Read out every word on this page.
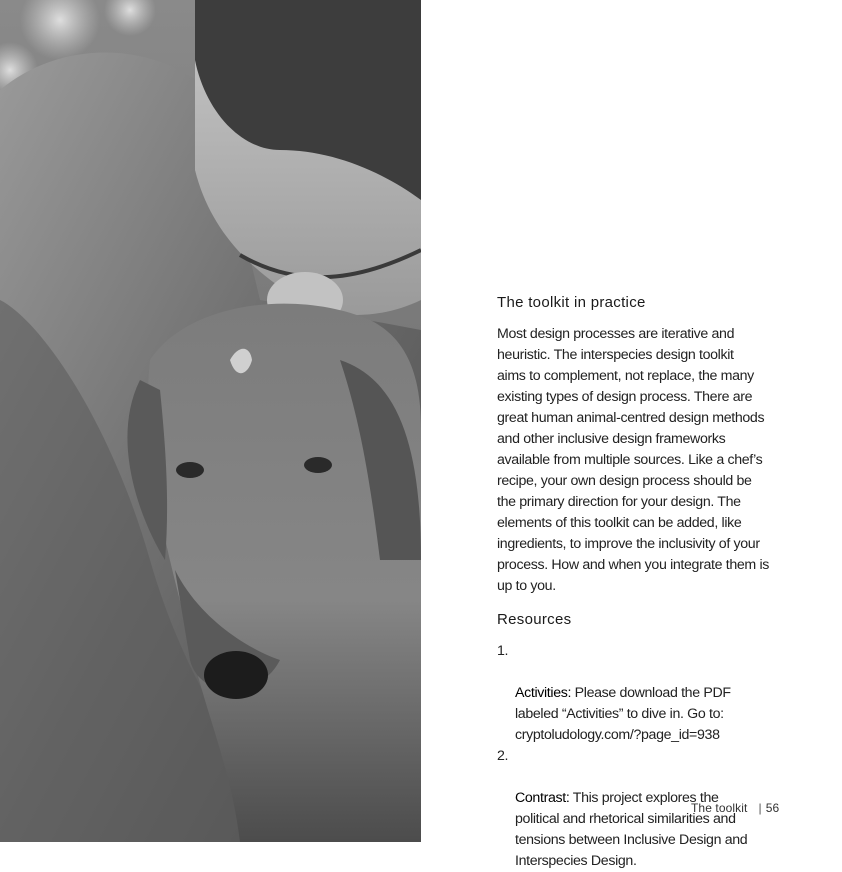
The toolkit in practice

Most design processes are iterative and
heuristic. The interspecies design toolkit
aims to complement, not replace, the many
existing types of design process. There are
great human animal-centred design methods
and other inclusive design frameworks
available from multiple sources. Like a chef’s
recipe, your own design process should be
the primary direction for your design. The
elements of this toolkit can be added, like
ingredients, to improve the inclusivity of your
process. How and when you integrate them is
up to you.

Resources

1.

Activities: Please download the PDF
labeled “Activities” to dive in. Go to:
cryptoludology.com/?page_id=938

2.

Contrast: This project explores the
political and rhetorical similarities and
tensions between Inclusive Design and
Interspecies Design.

The toolkit | 56
